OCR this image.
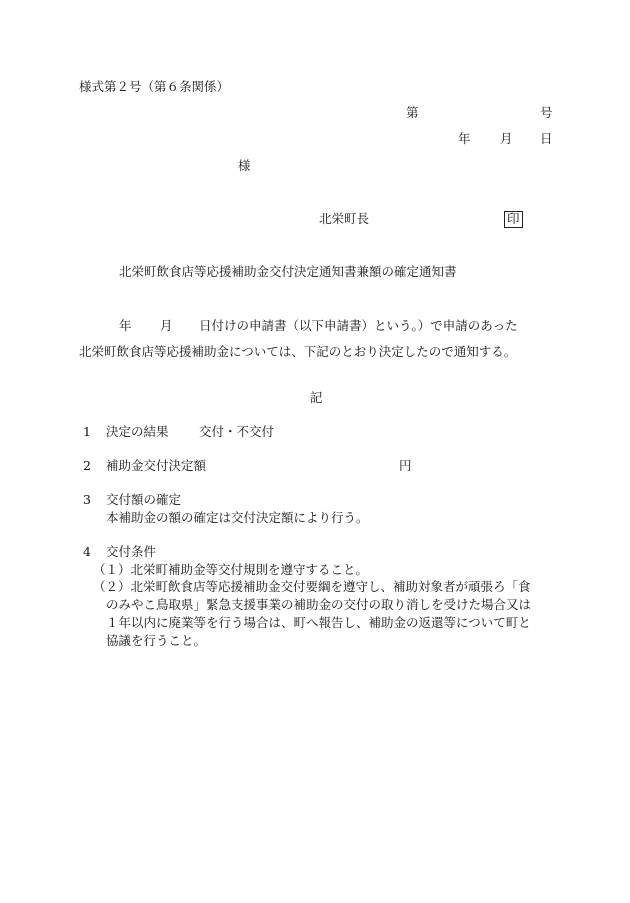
様式第２号（第６条関係）
第	号
年 月 日
様
北栄町長	印
北栄町飲食店等応援補助金交付決定通知書兼額の確定通知書
年 月 日付けの申請書（以下申請書）という。）で申請のあった
北栄町飲食店等応援補助金については、下記のとおり決定したので通知する。
記
1 決定の結果 交付・不交付
2 補助金交付決定額	円
3 交付額の確定
本補助金の額の確定は交付決定額により行う。
4 交付条件
（１）北栄町補助金等交付規則を遵守すること。
（２）北栄町飲食店等応援補助金交付要綱を遵守し、補助対象者が頑張ろ「食
のみやこ鳥取県」緊急支援事業の補助金の交付の取り消しを受けた場合又は
１年以内に廃業等を行う場合は、町へ報告し、補助金の返還等について町と
協議を行うこと。
